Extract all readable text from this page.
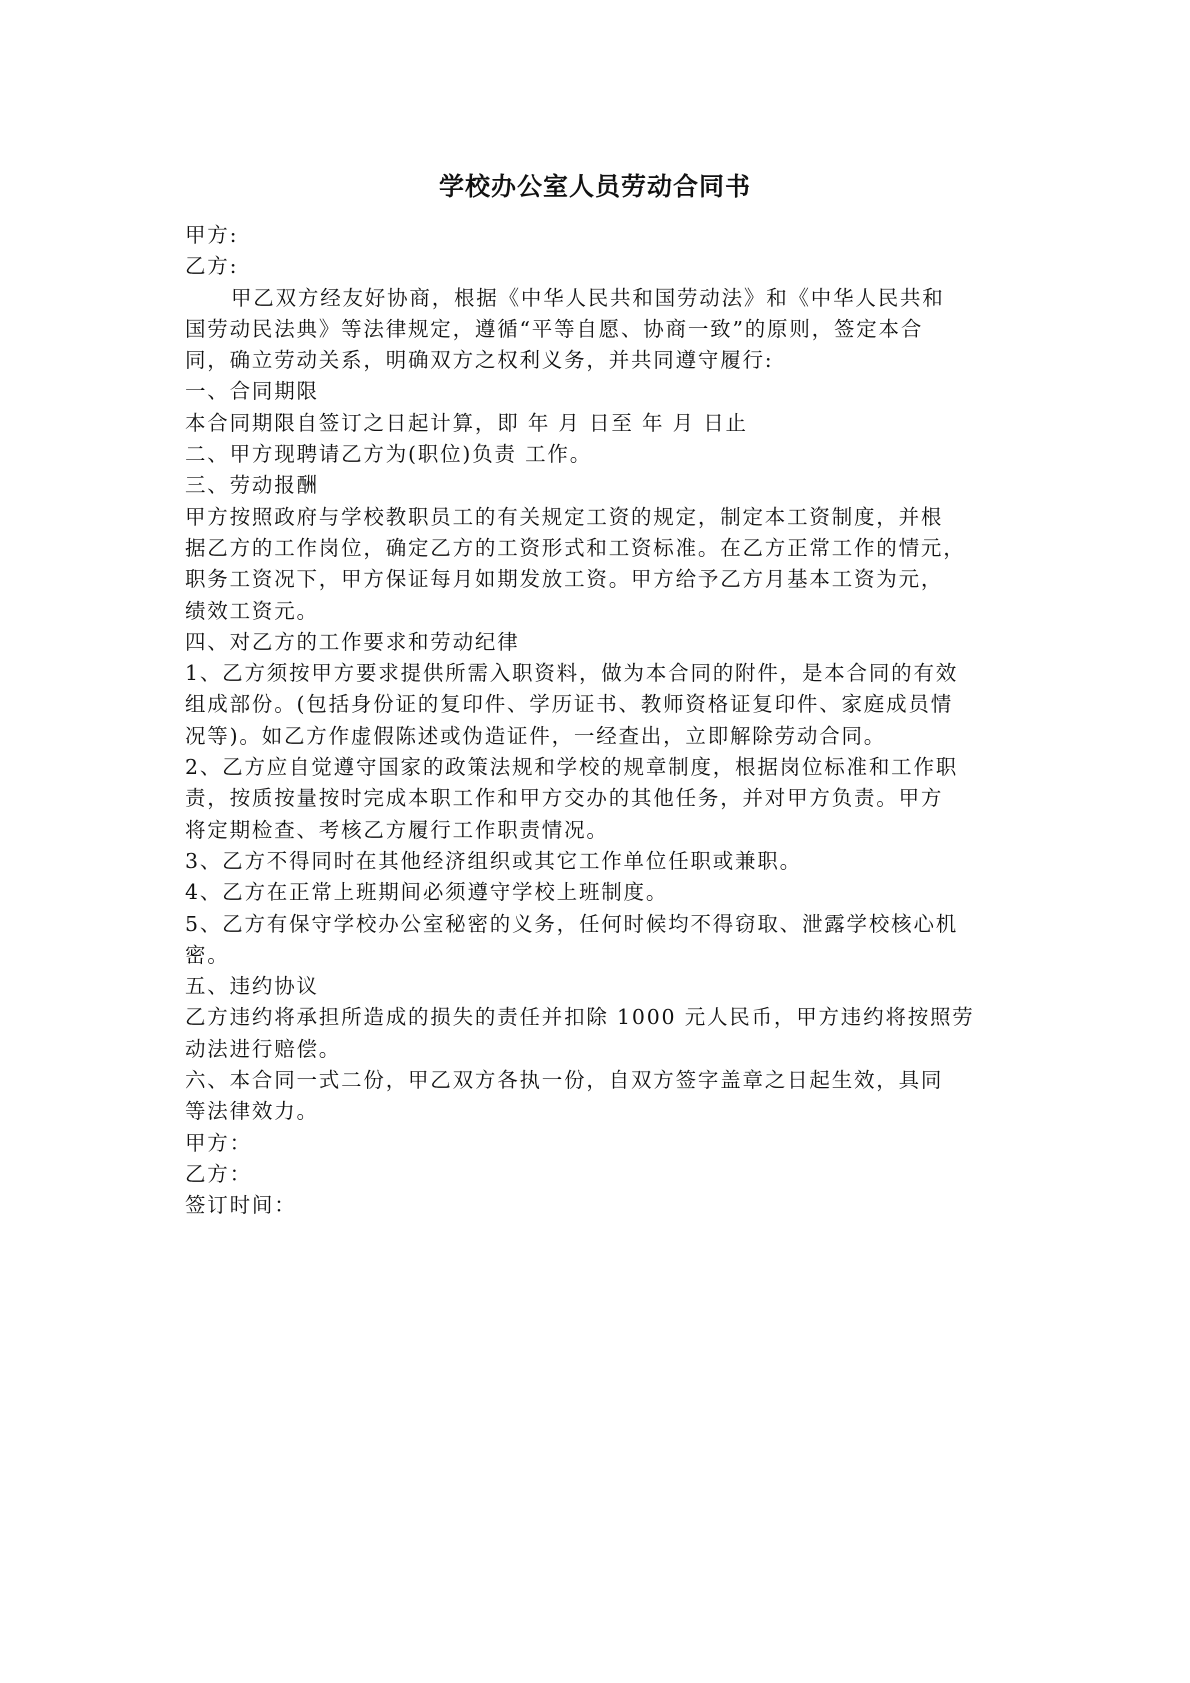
学校办公室人员劳动合同书
甲方:
乙方:
甲乙双方经友好协商，根据《中华人民共和国劳动法》和《中华人民共和
国劳动民法典》等法律规定，遵循“平等自愿、协商一致”的原则，签定本合
同，确立劳动关系，明确双方之权利义务，并共同遵守履行:
一、合同期限
本合同期限自签订之日起计算，即 年 月 日至 年 月 日止
二、甲方现聘请乙方为(职位)负责 工作。
三、劳动报酬
甲方按照政府与学校教职员工的有关规定工资的规定，制定本工资制度，并根
据乙方的工作岗位，确定乙方的工资形式和工资标准。在乙方正常工作的情元，
职务工资况下，甲方保证每月如期发放工资。甲方给予乙方月基本工资为元，
绩效工资元。
四、对乙方的工作要求和劳动纪律
1、乙方须按甲方要求提供所需入职资料，做为本合同的附件，是本合同的有效
组成部份。(包括身份证的复印件、学历证书、教师资格证复印件、家庭成员情
况等)。如乙方作虚假陈述或伪造证件，一经查出，立即解除劳动合同。
2、乙方应自觉遵守国家的政策法规和学校的规章制度，根据岗位标准和工作职
责，按质按量按时完成本职工作和甲方交办的其他任务，并对甲方负责。甲方
将定期检查、考核乙方履行工作职责情况。
3、乙方不得同时在其他经济组织或其它工作单位任职或兼职。
4、乙方在正常上班期间必须遵守学校上班制度。
5、乙方有保守学校办公室秘密的义务，任何时候均不得窃取、泄露学校核心机
密。
五、违约协议
乙方违约将承担所造成的损失的责任并扣除 1000 元人民币，甲方违约将按照劳
动法进行赔偿。
六、本合同一式二份，甲乙双方各执一份，自双方签字盖章之日起生效，具同
等法律效力。
甲方：
乙方：
签订时间：
